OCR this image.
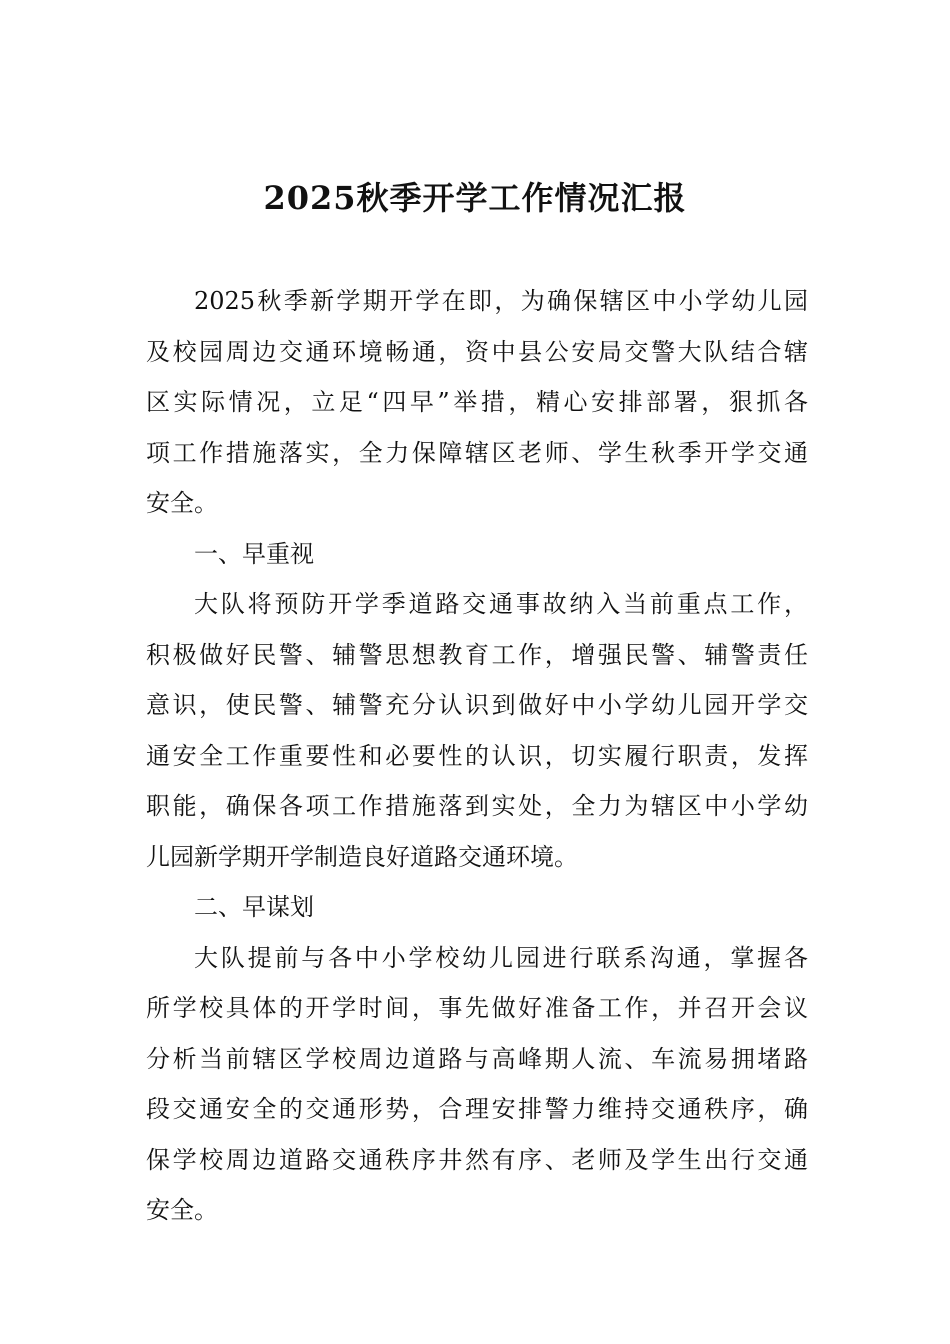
2025秋季开学工作情况汇报
2025秋季新学期开学在即，为确保辖区中小学幼儿园
及校园周边交通环境畅通，资中县公安局交警大队结合辖
区实际情况，立足“四早”举措，精心安排部署，狠抓各
项工作措施落实，全力保障辖区老师、学生秋季开学交通
安全。
一、早重视
大队将预防开学季道路交通事故纳入当前重点工作，
积极做好民警、辅警思想教育工作，增强民警、辅警责任
意识，使民警、辅警充分认识到做好中小学幼儿园开学交
通安全工作重要性和必要性的认识，切实履行职责，发挥
职能，确保各项工作措施落到实处，全力为辖区中小学幼
儿园新学期开学制造良好道路交通环境。
二、早谋划
大队提前与各中小学校幼儿园进行联系沟通，掌握各
所学校具体的开学时间，事先做好准备工作，并召开会议
分析当前辖区学校周边道路与高峰期人流、车流易拥堵路
段交通安全的交通形势，合理安排警力维持交通秩序，确
保学校周边道路交通秩序井然有序、老师及学生出行交通
安全。
